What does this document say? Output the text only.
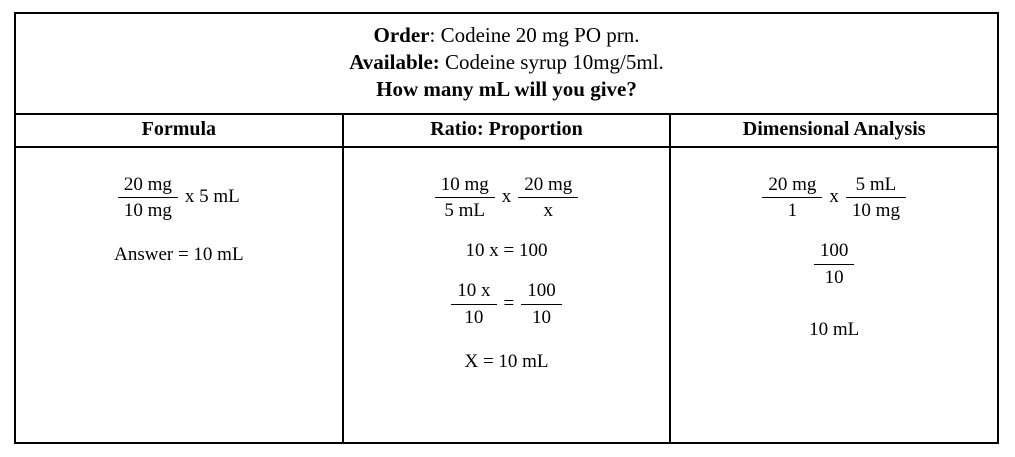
Order: Codeine 20 mg PO prn.
Available: Codeine syrup 10mg/5ml.
How many mL will you give?
Formula	Ratio: Proportion	Dimensional Analysis
$\frac{20 mg}{10 mg}$ x 5 mL
Answer = 10 mL
$\frac{10 mg}{5 mL}$ x $\frac{20 mg}{x}$
10 x = 100
$\frac{10 x}{10} = \frac{100}{10}$
X = 10 mL
$\frac{20 mg}{1}$ x $\frac{5 mL}{10 mg}$
$\frac{100}{10}$
10 mL
